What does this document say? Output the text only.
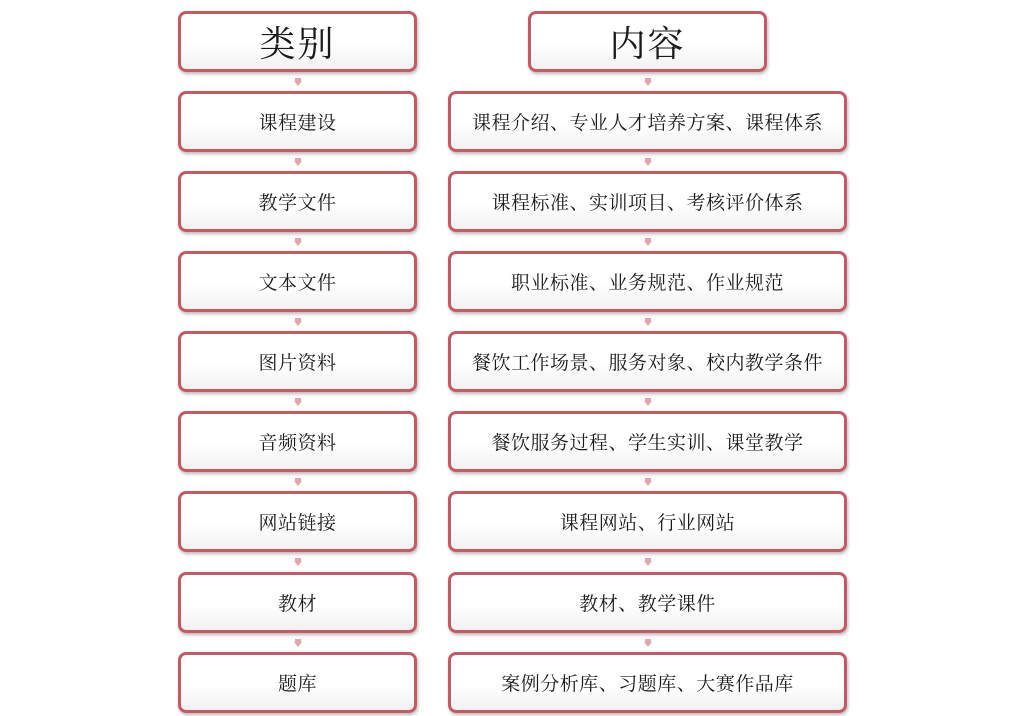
类别	内容
课程建设	课程介绍、专业人才培养方案、课程体系
教学文件	课程标准、实训项目、考核评价体系
文本文件	职业标准、业务规范、作业规范
图片资料	餐饮工作场景、服务对象、校内教学条件
音频资料	餐饮服务过程、学生实训、课堂教学
网站链接	课程网站、行业网站
教材	教材、教学课件
题库	案例分析库、习题库、大赛作品库
